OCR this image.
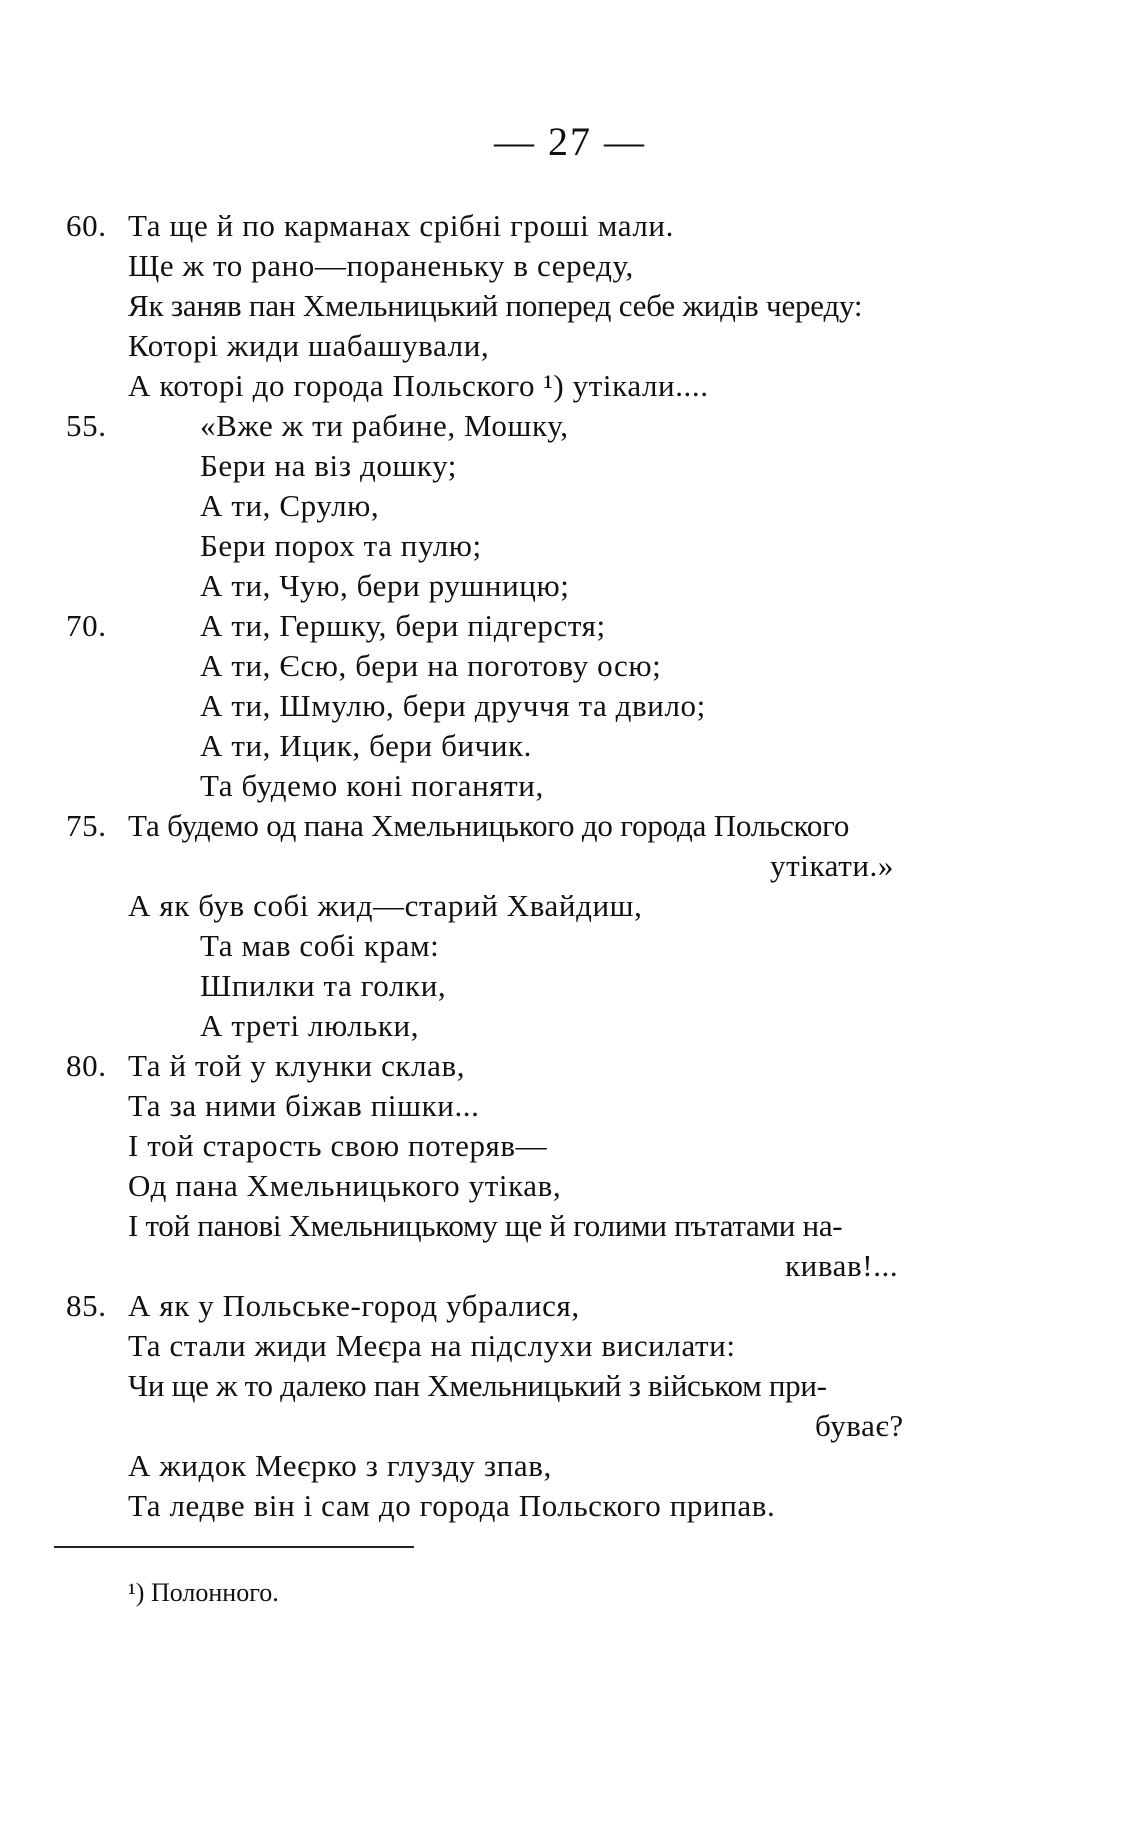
— 27 —
60. Та ще й по карманах срібні гроші мали.
Ще ж то рано—пораненьку в середу,
Як заняв пан Хмельницький поперед себе жидів череду:
Которі жиди шабашували,
А которі до города Польского ¹) утікали....
55.	«Вже ж ти рабине, Мошку,
Бери на віз дошку;
А ти, Срулю,
Бери порох та пулю;
А ти, Чую, бери рушницю;
70.	А ти, Гершку, бери підгерстя;
А ти, Єсю, бери на поготову осю;
А ти, Шмулю, бери друччя та двило;
А ти, Ицик, бери бичик.
Та будемо коні поганяти,
75. Та будемо од пана Хмельницького до города Польского
утікати.»
А як був собі жид—старий Хвайдиш,
Та мав собі крам:
Шпилки та голки,
А треті люльки,
80. Та й той у клунки склав,
Та за ними біжав пішки...
І той старость свою потеряв—
Од пана Хмельницького утікав,
І той панові Хмельницькому ще й голими пътатами на-
кивав!...
85. А як у Польське-город убралися,
Та стали жиди Меєра на підслухи висилати:
Чи ще ж то далеко пан Хмельницький з військом при-
буває?
А жидок Меєрко з глузду зпав,
Та ледве він і сам до города Польского припав.
¹) Полонного.
